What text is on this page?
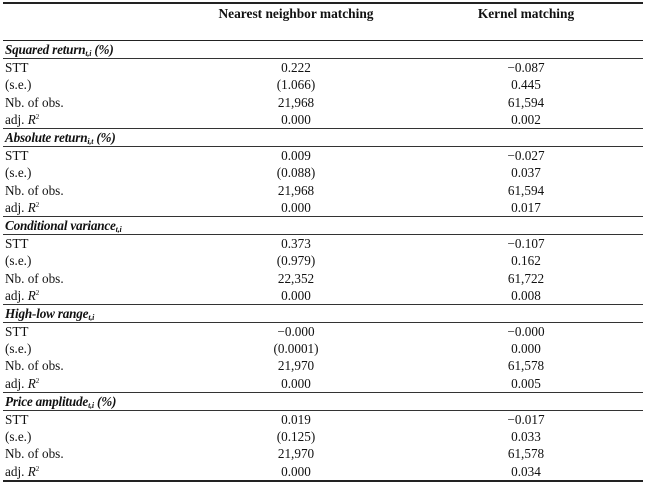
	Nearest neighbor matching	Kernel matching
Squared return$_{t,i}$ (%)		
STT	0.222	−0.087
(s.e.)	(1.066)	0.445
Nb. of obs.	21,968	61,594
adj. $R^2$	0.000	0.002
Absolute return$_{i,t}$ (%)		
STT	0.009	−0.027
(s.e.)	(0.088)	0.037
Nb. of obs.	21,968	61,594
adj. $R^2$	0.000	0.017
Conditional variance$_{t,i}$
STT	0.373	−0.107
(s.e.)	(0.979)	0.162
Nb. of obs.	22,352	61,722
adj. $R^2$	0.000	0.008
High-low range$_{t,i}$
STT	−0.000	−0.000
(s.e.)	(0.0001)	0.000
Nb. of obs.	21,970	61,578
adj. $R^2$	0.000	0.005
Price amplitude$_{t,i}$ (%)		
STT	0.019	−0.017
(s.e.)	(0.125)	0.033
Nb. of obs.	21,970	61,578
adj. $R^2$	0.000	0.034
